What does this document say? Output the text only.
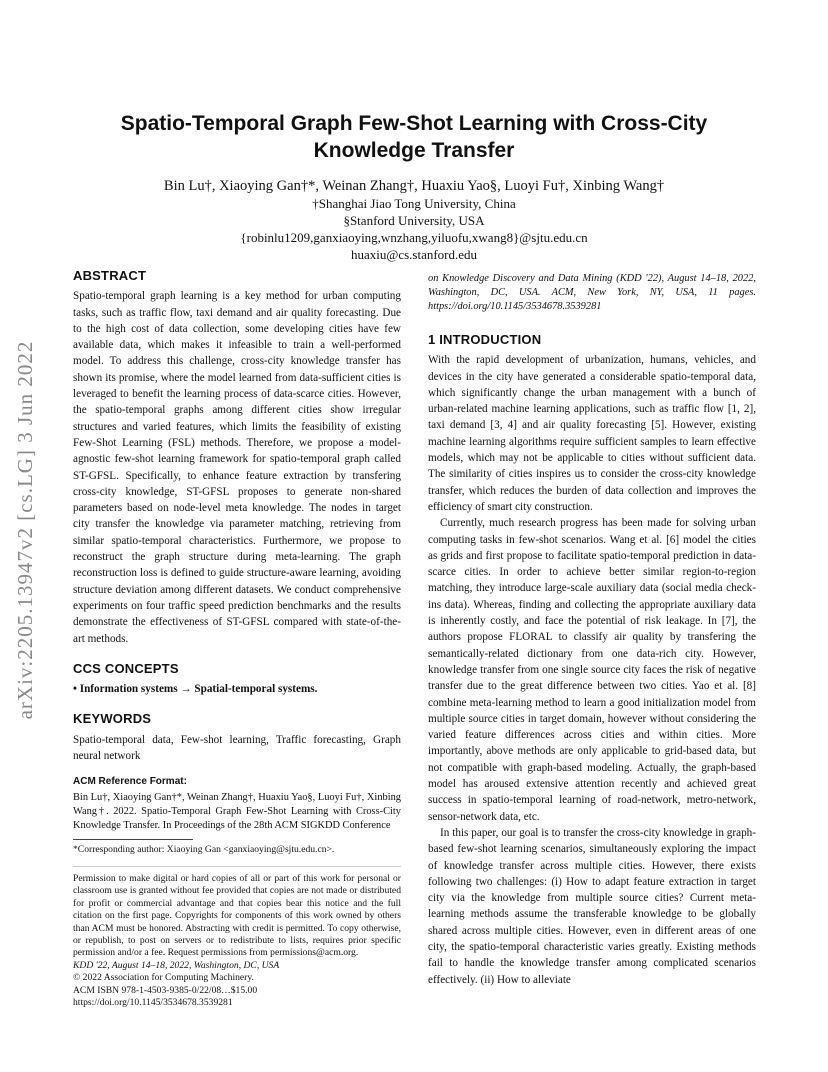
arXiv:2205.13947v2 [cs.LG] 3 Jun 2022
Spatio-Temporal Graph Few-Shot Learning with Cross-City
Knowledge Transfer
Bin Lu†, Xiaoying Gan†*, Weinan Zhang†, Huaxiu Yao§, Luoyi Fu†, Xinbing Wang†
†Shanghai Jiao Tong University, China
§Stanford University, USA
{robinlu1209,ganxiaoying,wnzhang,yiluofu,xwang8}@sjtu.edu.cn
huaxiu@cs.stanford.edu
ABSTRACT

Spatio-temporal graph learning is a key method for urban computing tasks, such as traffic flow, taxi demand and air quality forecasting. Due to the high cost of data collection, some developing cities have few available data, which makes it infeasible to train a well-performed model. To address this challenge, cross-city knowledge transfer has shown its promise, where the model learned from data-sufficient cities is leveraged to benefit the learning process of data-scarce cities. However, the spatio-temporal graphs among different cities show irregular structures and varied features, which limits the feasibility of existing Few-Shot Learning (FSL) methods. Therefore, we propose a model-agnostic few-shot learning framework for spatio-temporal graph called ST-GFSL. Specifically, to enhance feature extraction by transfering cross-city knowledge, ST-GFSL proposes to generate non-shared parameters based on node-level meta knowledge. The nodes in target city transfer the knowledge via parameter matching, retrieving from similar spatio-temporal characteristics. Furthermore, we propose to reconstruct the graph structure during meta-learning. The graph reconstruction loss is defined to guide structure-aware learning, avoiding structure deviation among different datasets. We conduct comprehensive experiments on four traffic speed prediction benchmarks and the results demonstrate the effectiveness of ST-GFSL compared with state-of-the-art methods.

CCS CONCEPTS

• Information systems → Spatial-temporal systems.

KEYWORDS

Spatio-temporal data, Few-shot learning, Traffic forecasting, Graph neural network

ACM Reference Format:

Bin Lu†, Xiaoying Gan†*, Weinan Zhang†, Huaxiu Yao§, Luoyi Fu†, Xinbing Wang†. 2022. Spatio-Temporal Graph Few-Shot Learning with Cross-City Knowledge Transfer. In Proceedings of the 28th ACM SIGKDD Conference

*Corresponding author: Xiaoying Gan <ganxiaoying@sjtu.edu.cn>.

Permission to make digital or hard copies of all or part of this work for personal or classroom use is granted without fee provided that copies are not made or distributed for profit or commercial advantage and that copies bear this notice and the full citation on the first page. Copyrights for components of this work owned by others than ACM must be honored. Abstracting with credit is permitted. To copy otherwise, or republish, to post on servers or to redistribute to lists, requires prior specific permission and/or a fee. Request permissions from permissions@acm.org.

KDD '22, August 14–18, 2022, Washington, DC, USA

© 2022 Association for Computing Machinery.

ACM ISBN 978-1-4503-9385-0/22/08…$15.00

https://doi.org/10.1145/3534678.3539281

on Knowledge Discovery and Data Mining (KDD '22), August 14–18, 2022, Washington, DC, USA. ACM, New York, NY, USA, 11 pages. https://doi.org/10.1145/3534678.3539281

1 INTRODUCTION

With the rapid development of urbanization, humans, vehicles, and devices in the city have generated a considerable spatio-temporal data, which significantly change the urban management with a bunch of urban-related machine learning applications, such as traffic flow [1, 2], taxi demand [3, 4] and air quality forecasting [5]. However, existing machine learning algorithms require sufficient samples to learn effective models, which may not be applicable to cities without sufficient data. The similarity of cities inspires us to consider the cross-city knowledge transfer, which reduces the burden of data collection and improves the efficiency of smart city construction.

Currently, much research progress has been made for solving urban computing tasks in few-shot scenarios. Wang et al. [6] model the cities as grids and first propose to facilitate spatio-temporal prediction in data-scarce cities. In order to achieve better similar region-to-region matching, they introduce large-scale auxiliary data (social media check-ins data). Whereas, finding and collecting the appropriate auxiliary data is inherently costly, and face the potential of risk leakage. In [7], the authors propose FLORAL to classify air quality by transfering the semantically-related dictionary from one data-rich city. However, knowledge transfer from one single source city faces the risk of negative transfer due to the great difference between two cities. Yao et al. [8] combine meta-learning method to learn a good initialization model from multiple source cities in target domain, however without considering the varied feature differences across cities and within cities. More importantly, above methods are only applicable to grid-based data, but not compatible with graph-based modeling. Actually, the graph-based model has aroused extensive attention recently and achieved great success in spatio-temporal learning of road-network, metro-network, sensor-network data, etc.

In this paper, our goal is to transfer the cross-city knowledge in graph-based few-shot learning scenarios, simultaneously exploring the impact of knowledge transfer across multiple cities. However, there exists following two challenges: (i) How to adapt feature extraction in target city via the knowledge from multiple source cities? Current meta-learning methods assume the transferable knowledge to be globally shared across multiple cities. However, even in different areas of one city, the spatio-temporal characteristic varies greatly. Existing methods fail to handle the knowledge transfer among complicated scenarios effectively. (ii) How to alleviate
